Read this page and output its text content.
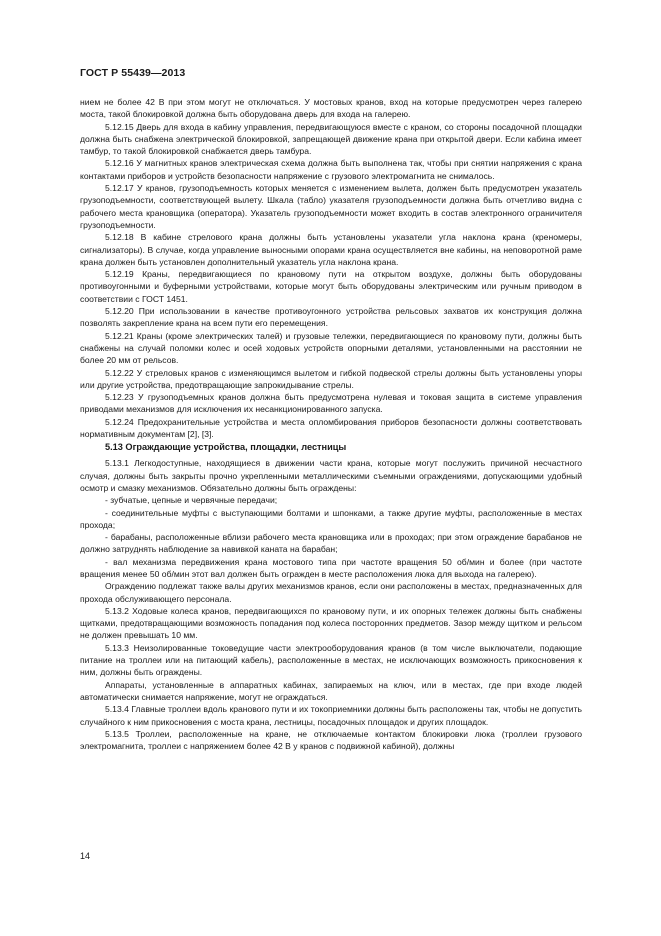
ГОСТ Р 55439—2013

нием не более 42 В при этом могут не отключаться. У мостовых кранов, вход на которые предусмотрен через галерею моста, такой блокировкой должна быть оборудована дверь для входа на галерею.

5.12.15 Дверь для входа в кабину управления, передвигающуюся вместе с краном, со стороны посадочной площадки должна быть снабжена электрической блокировкой, запрещающей движение крана при открытой двери. Если кабина имеет тамбур, то такой блокировкой снабжается дверь тамбура.

5.12.16 У магнитных кранов электрическая схема должна быть выполнена так, чтобы при снятии напряжения с крана контактами приборов и устройств безопасности напряжение с грузового электромагнита не снималось.

5.12.17 У кранов, грузоподъемность которых меняется с изменением вылета, должен быть предусмотрен указатель грузоподъемности, соответствующей вылету. Шкала (табло) указателя грузоподъемности должна быть отчетливо видна с рабочего места крановщика (оператора). Указатель грузоподъемности может входить в состав электронного ограничителя грузоподъемности.

5.12.18 В кабине стрелового крана должны быть установлены указатели угла наклона крана (креномеры, сигнализаторы). В случае, когда управление выносными опорами крана осуществляется вне кабины, на неповоротной раме крана должен быть установлен дополнительный указатель угла наклона крана.

5.12.19 Краны, передвигающиеся по крановому пути на открытом воздухе, должны быть оборудованы противоугонными и буферными устройствами, которые могут быть оборудованы электрическим или ручным приводом в соответствии с ГОСТ 1451.

5.12.20 При использовании в качестве противоугонного устройства рельсовых захватов их конструкция должна позволять закрепление крана на всем пути его перемещения.

5.12.21 Краны (кроме электрических талей) и грузовые тележки, передвигающиеся по крановому пути, должны быть снабжены на случай поломки колес и осей ходовых устройств опорными деталями, установленными на расстоянии не более 20 мм от рельсов.

5.12.22 У стреловых кранов с изменяющимся вылетом и гибкой подвеской стрелы должны быть установлены упоры или другие устройства, предотвращающие запрокидывание стрелы.

5.12.23 У грузоподъемных кранов должна быть предусмотрена нулевая и токовая защита в системе управления приводами механизмов для исключения их несанкционированного запуска.

5.12.24 Предохранительные устройства и места опломбирования приборов безопасности должны соответствовать нормативным документам [2], [3].

5.13 Ограждающие устройства, площадки, лестницы

5.13.1 Легкодоступные, находящиеся в движении части крана, которые могут послужить причиной несчастного случая, должны быть закрыты прочно укрепленными металлическими съемными ограждениями, допускающими удобный осмотр и смазку механизмов. Обязательно должны быть ограждены:

- зубчатые, цепные и червячные передачи;

- соединительные муфты с выступающими болтами и шпонками, а также другие муфты, расположенные в местах прохода;

- барабаны, расположенные вблизи рабочего места крановщика или в проходах; при этом ограждение барабанов не должно затруднять наблюдение за навивкой каната на барабан;

- вал механизма передвижения крана мостового типа при частоте вращения 50 об/мин и более (при частоте вращения менее 50 об/мин этот вал должен быть огражден в месте расположения люка для выхода на галерею).

Ограждению подлежат также валы других механизмов кранов, если они расположены в местах, предназначенных для прохода обслуживающего персонала.

5.13.2 Ходовые колеса кранов, передвигающихся по крановому пути, и их опорных тележек должны быть снабжены щитками, предотвращающими возможность попадания под колеса посторонних предметов. Зазор между щитком и рельсом не должен превышать 10 мм.

5.13.3 Неизолированные токоведущие части электрооборудования кранов (в том числе выключатели, подающие питание на троллеи или на питающий кабель), расположенные в местах, не исключающих возможность прикосновения к ним, должны быть ограждены.

Аппараты, установленные в аппаратных кабинах, запираемых на ключ, или в местах, где при входе людей автоматически снимается напряжение, могут не ограждаться.

5.13.4 Главные троллеи вдоль кранового пути и их токоприемники должны быть расположены так, чтобы не допустить случайного к ним прикосновения с моста крана, лестницы, посадочных площадок и других площадок.

5.13.5 Троллеи, расположенные на кране, не отключаемые контактом блокировки люка (троллеи грузового электромагнита, троллеи с напряжением более 42 В у кранов с подвижной кабиной), должны

14
